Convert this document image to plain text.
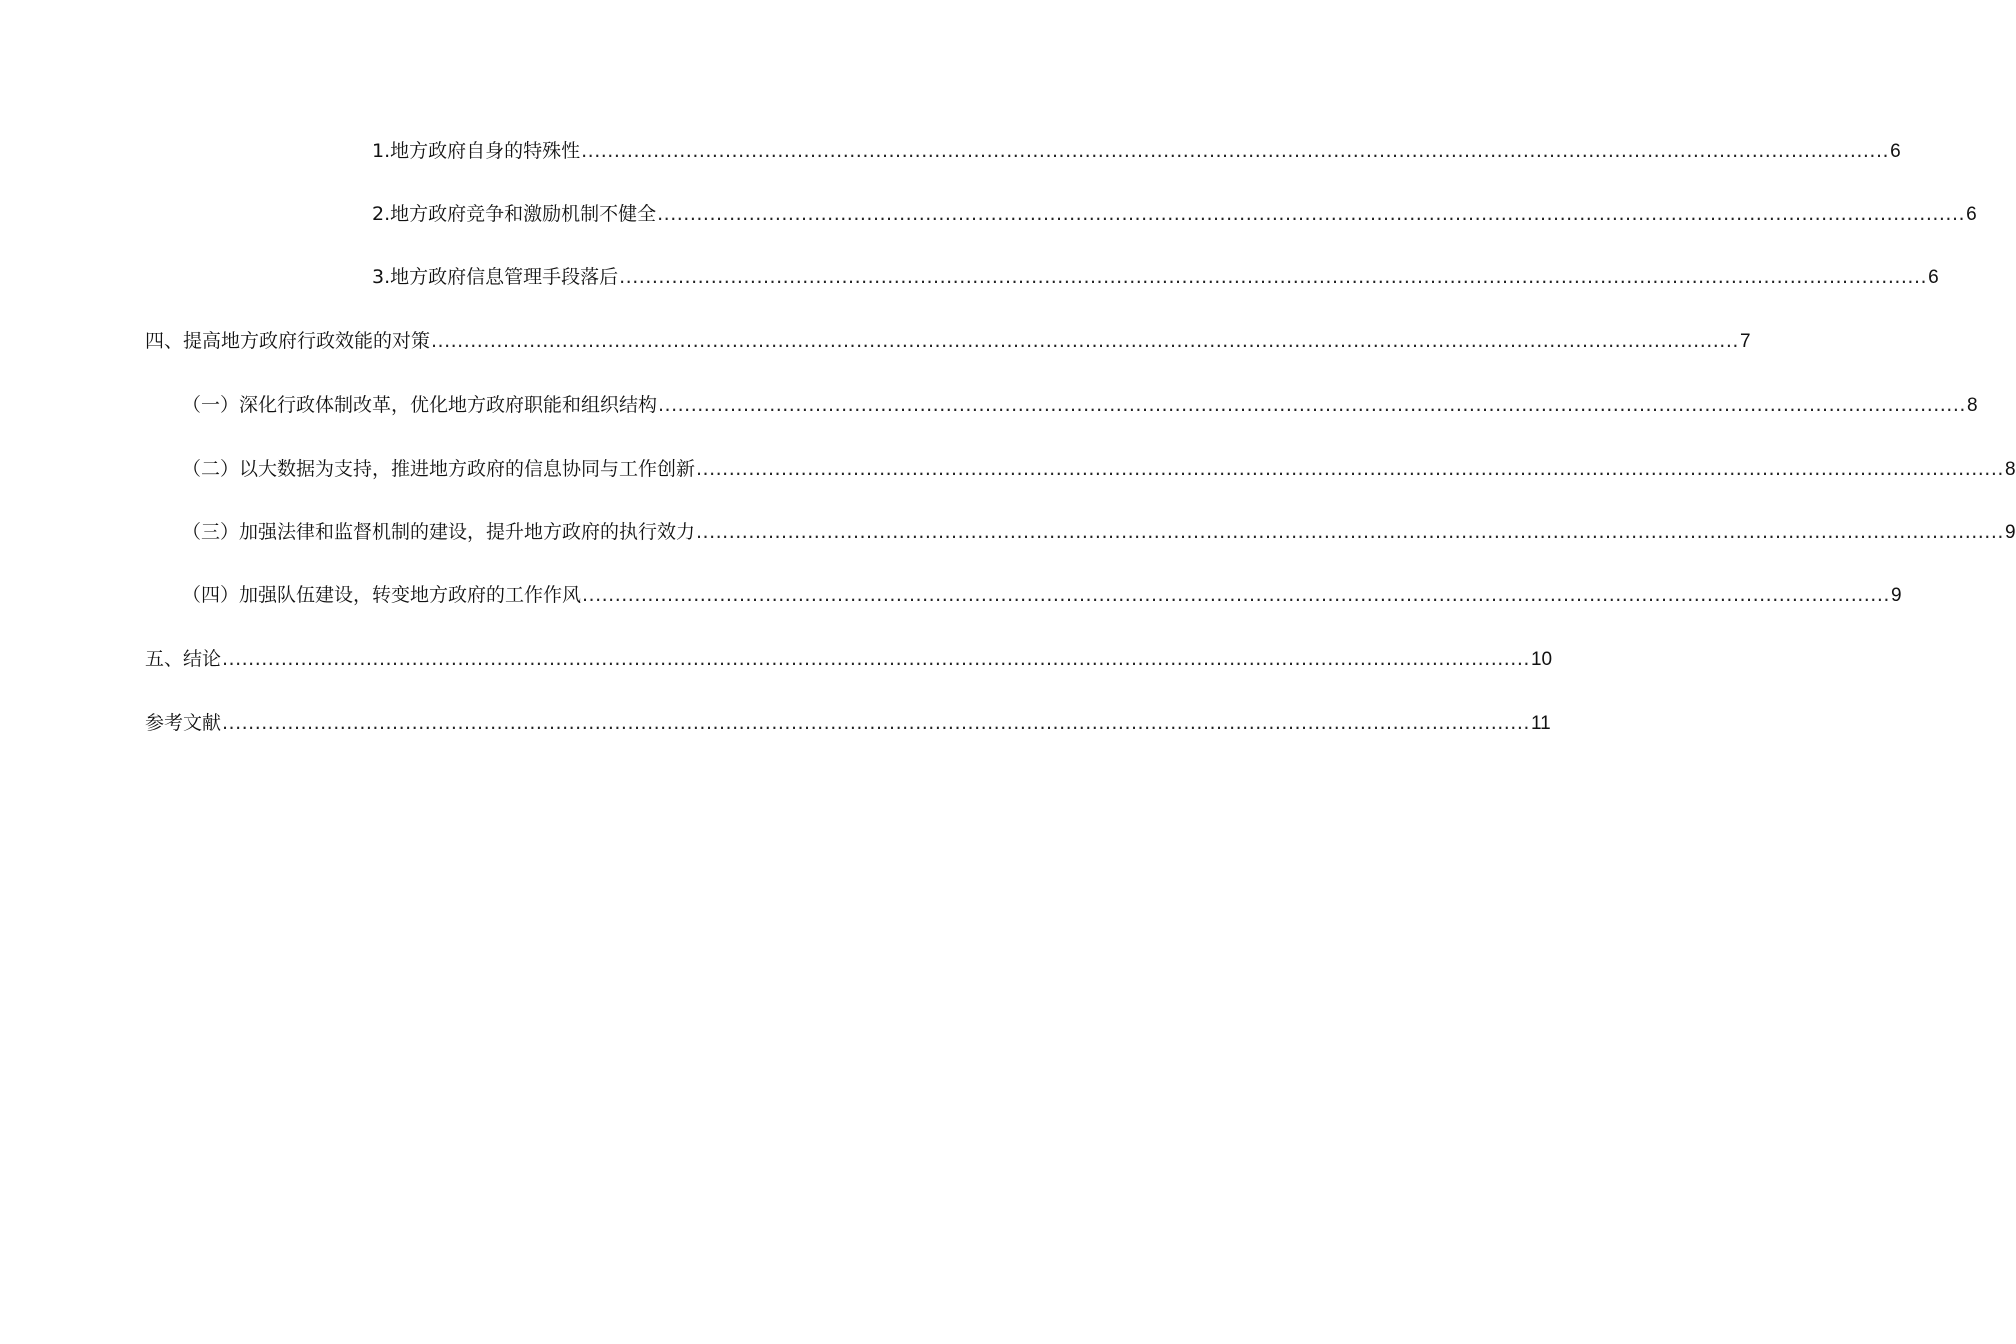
1.地方政府自身的特殊性 ........................................................................................................................................................................................................ 6
2.地方政府竞争和激励机制不健全 ........................................................................................................................................................................................................ 6
3.地方政府信息管理手段落后 ........................................................................................................................................................................................................ 6
四、提高地方政府行政效能的对策 ........................................................................................................................................................................................................ 7
（一）深化行政体制改革，优化地方政府职能和组织结构 ........................................................................................................................................................................................................ 8
（二）以大数据为支持，推进地方政府的信息协同与工作创新 ........................................................................................................................................................................................................ 8
（三）加强法律和监督机制的建设，提升地方政府的执行效力 ........................................................................................................................................................................................................ 9
（四）加强队伍建设，转变地方政府的工作作风 ........................................................................................................................................................................................................ 9
五、结论 ........................................................................................................................................................................................................ 10
参考文献 ........................................................................................................................................................................................................ 11
